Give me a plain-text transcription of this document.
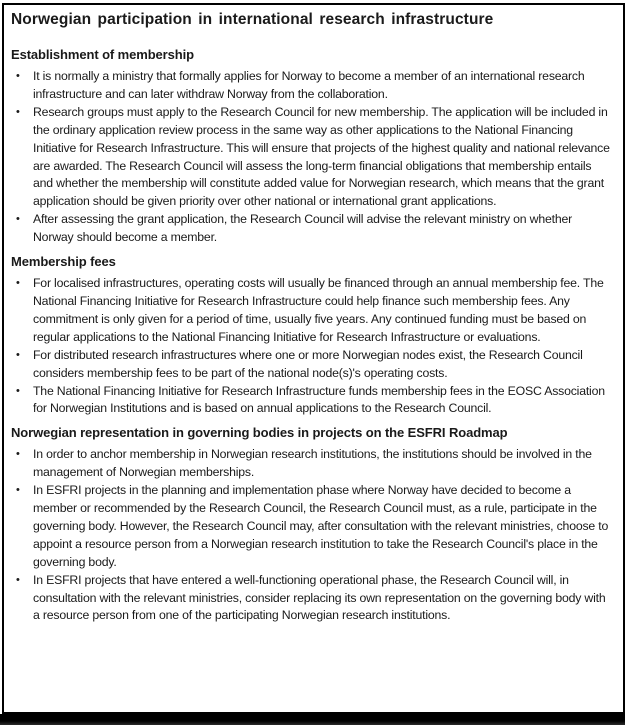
Norwegian participation in international research infrastructure
Establishment of membership
• It is normally a ministry that formally applies for Norway to become a member of an international research infrastructure and can later withdraw Norway from the collaboration.
• Research groups must apply to the Research Council for new membership. The application will be included in the ordinary application review process in the same way as other applications to the National Financing Initiative for Research Infrastructure. This will ensure that projects of the highest quality and national relevance are awarded. The Research Council will assess the long-term financial obligations that membership entails and whether the membership will constitute added value for Norwegian research, which means that the grant application should be given priority over other national or international grant applications.
• After assessing the grant application, the Research Council will advise the relevant ministry on whether Norway should become a member.
Membership fees
• For localised infrastructures, operating costs will usually be financed through an annual membership fee. The National Financing Initiative for Research Infrastructure could help finance such membership fees. Any commitment is only given for a period of time, usually five years. Any continued funding must be based on regular applications to the National Financing Initiative for Research Infrastructure or evaluations.
• For distributed research infrastructures where one or more Norwegian nodes exist, the Research Council considers membership fees to be part of the national node(s)'s operating costs.
• The National Financing Initiative for Research Infrastructure funds membership fees in the EOSC Association for Norwegian Institutions and is based on annual applications to the Research Council.
Norwegian representation in governing bodies in projects on the ESFRI Roadmap
• In order to anchor membership in Norwegian research institutions, the institutions should be involved in the management of Norwegian memberships.
• In ESFRI projects in the planning and implementation phase where Norway have decided to become a member or recommended by the Research Council, the Research Council must, as a rule, participate in the governing body. However, the Research Council may, after consultation with the relevant ministries, choose to appoint a resource person from a Norwegian research institution to take the Research Council's place in the governing body.
• In ESFRI projects that have entered a well-functioning operational phase, the Research Council will, in consultation with the relevant ministries, consider replacing its own representation on the governing body with a resource person from one of the participating Norwegian research institutions.
